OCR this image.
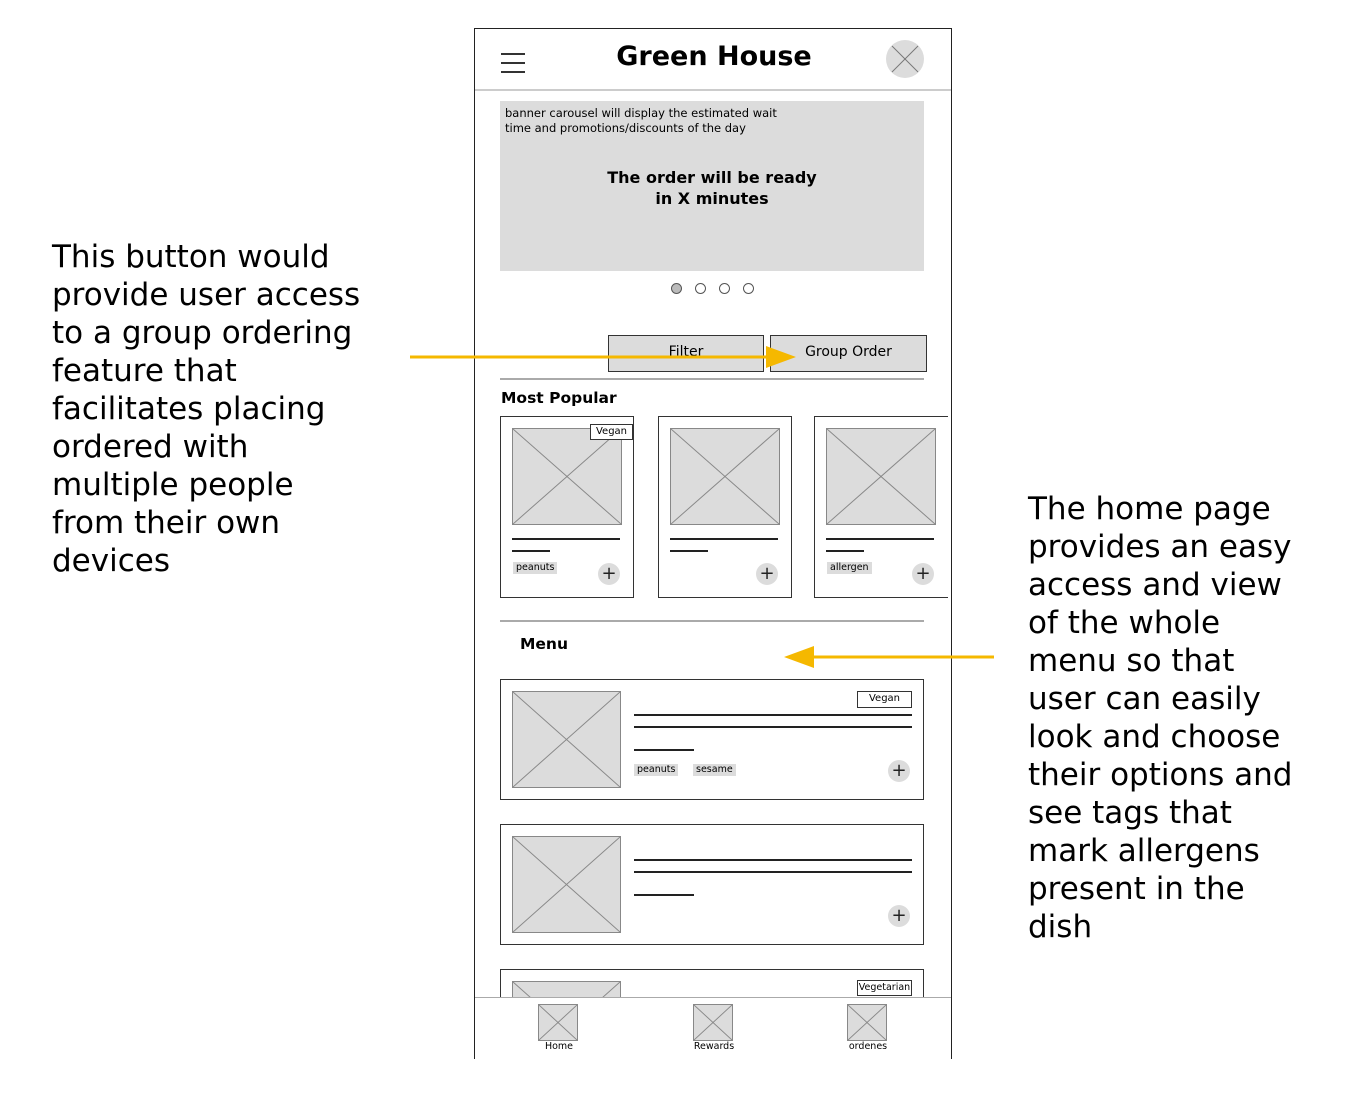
This button would
provide user access
to a group ordering
feature that
facilitates placing
ordered with
multiple people
from their own
devices
The home page
provides an easy
access and view
of the whole
menu so that
user can easily
look and choose
their options and
see tags that
mark allergens
present in the
dish
Green House
banner carousel will display the estimated wait time and promotions/discounts of the day
The order will be ready in X minutes
Filter	Group Order
Most Popular
Vegan
peanuts	+	+	allergen	+
Menu
Vegan
peanuts	sesame	+
+
Vegetarian
Home	Rewards	ordenes
